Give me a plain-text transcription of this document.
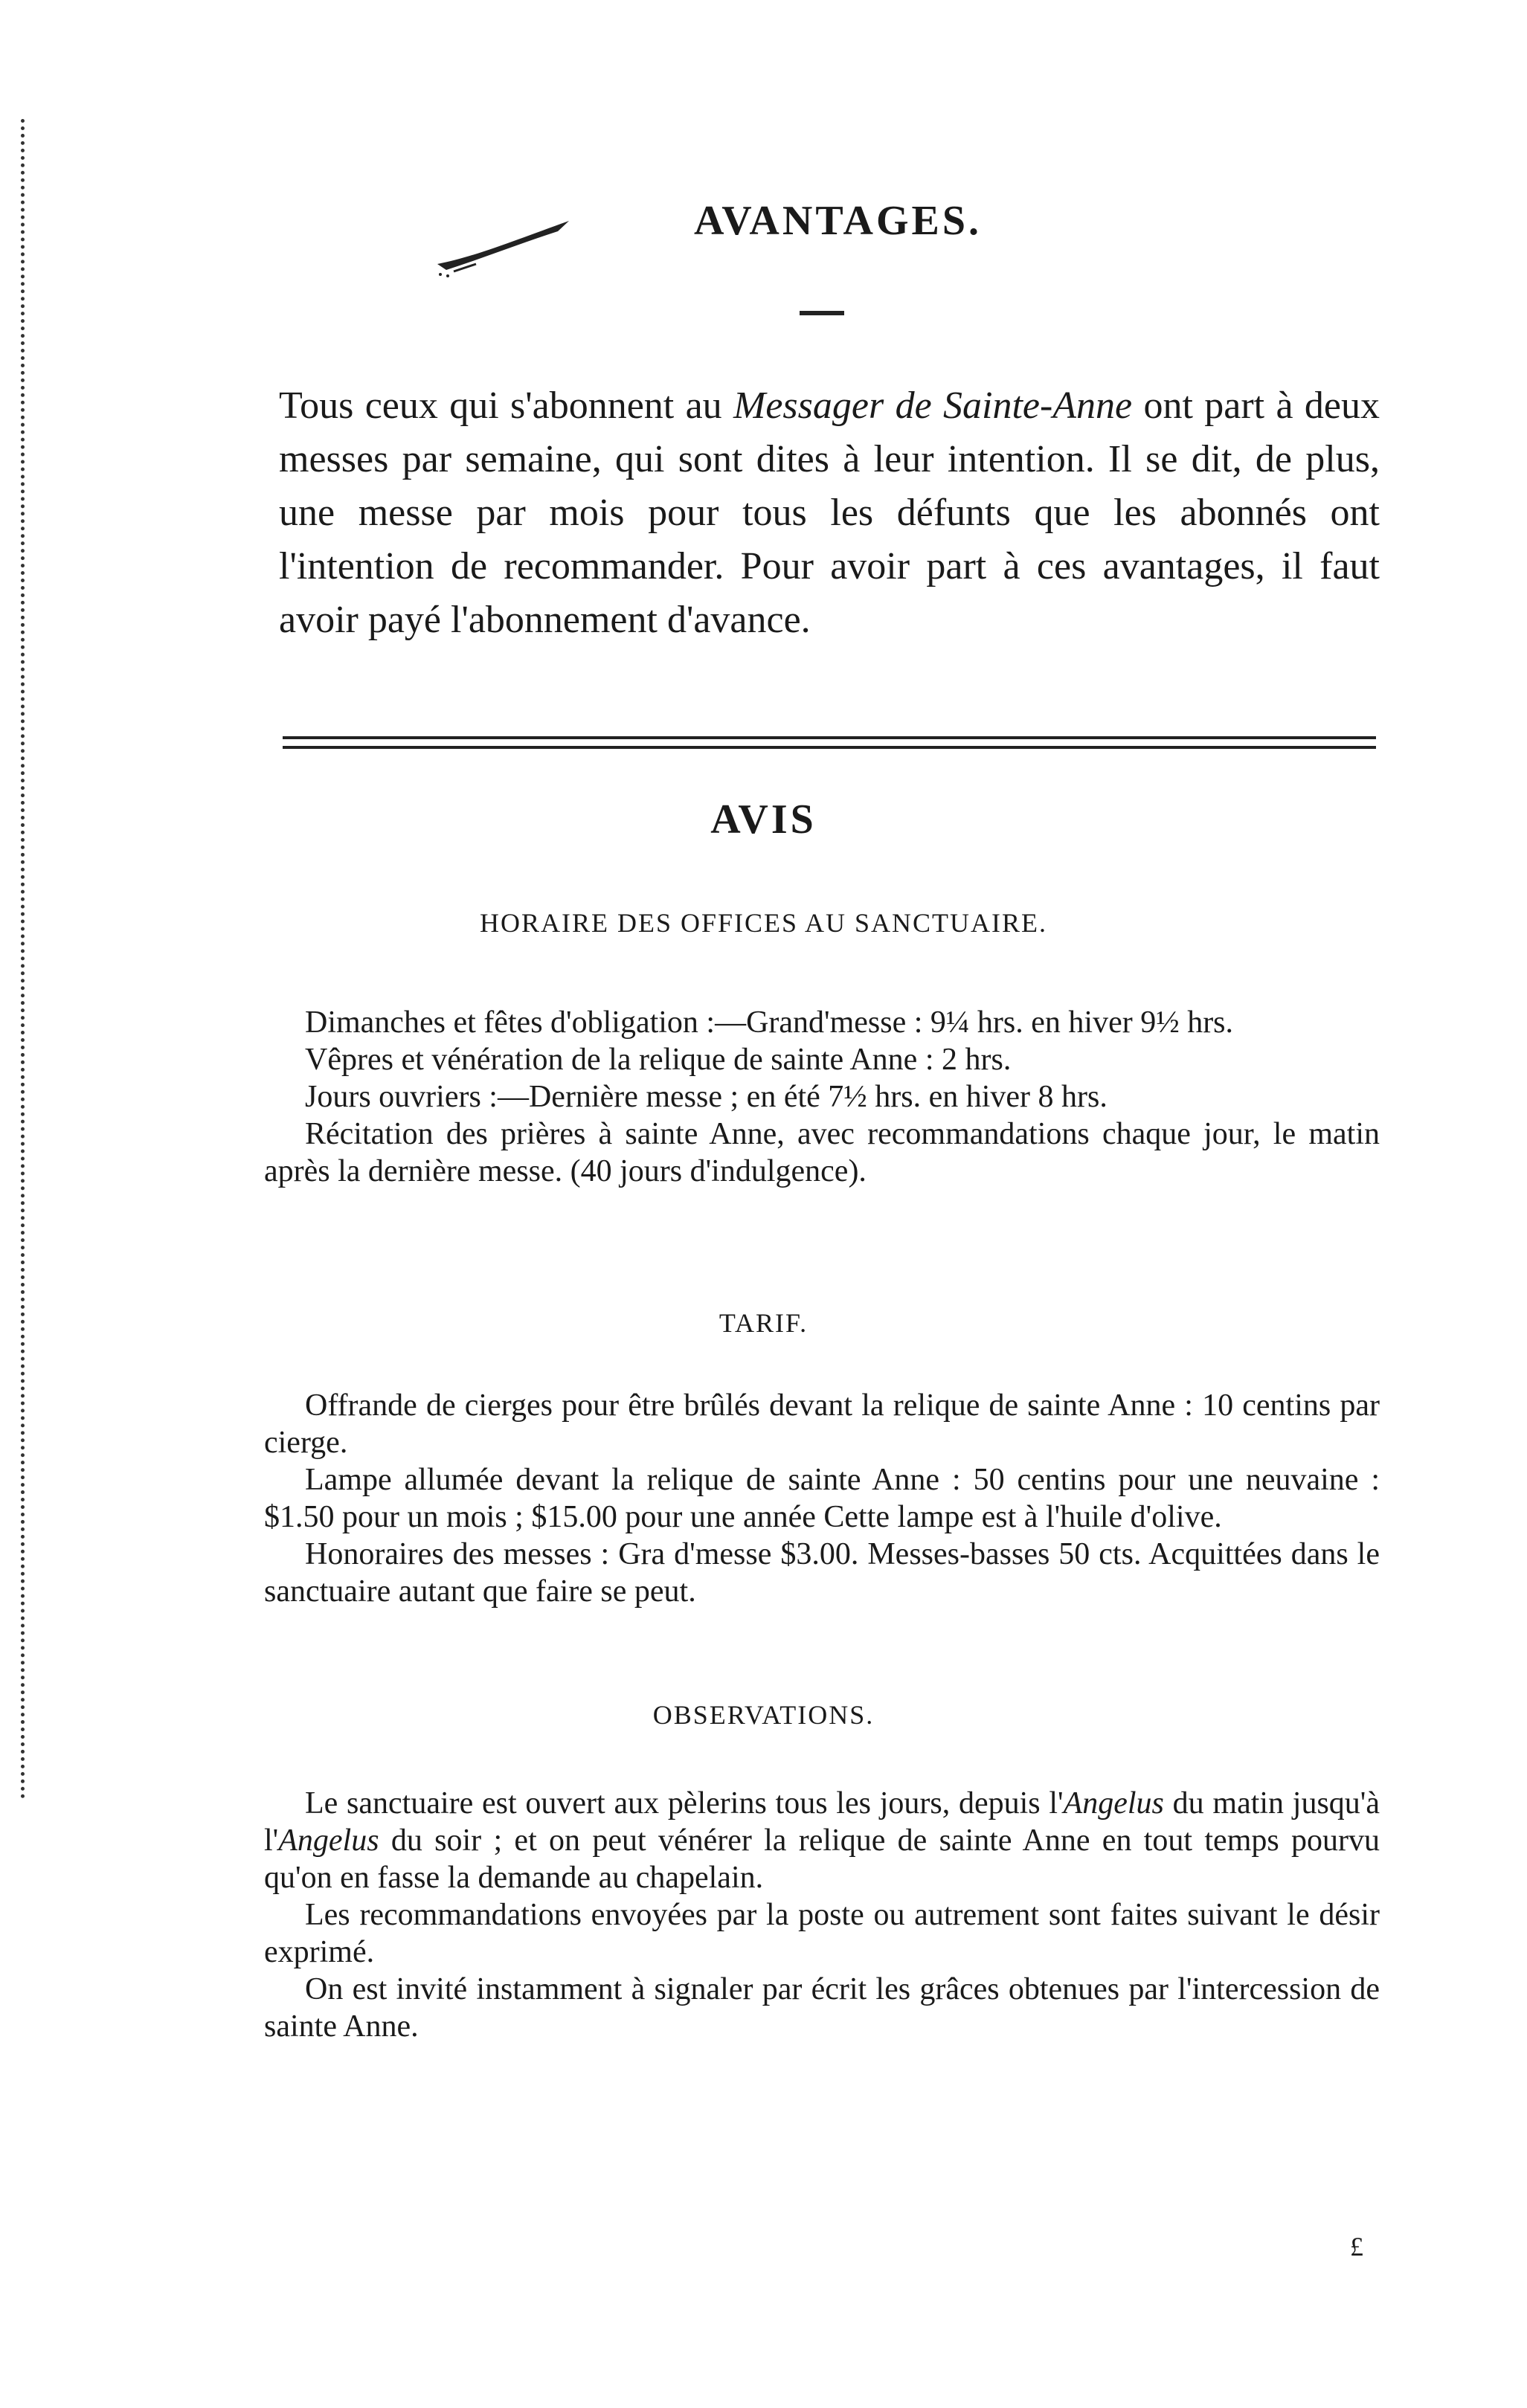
AVANTAGES.
Tous ceux qui s'abonnent au Messager de Sainte-Anne ont part à deux messes par semaine, qui sont dites à leur intention. Il se dit, de plus, une messe par mois pour tous les défunts que les abonnés ont l'intention de recommander. Pour avoir part à ces avantages, il faut avoir payé l'abonnement d'avance.
AVIS
HORAIRE DES OFFICES AU SANCTUAIRE.

Dimanches et fêtes d'obligation :—Grand'messe : 9¼ hrs. en hiver 9½ hrs.

Vêpres et vénération de la relique de sainte Anne : 2 hrs.

Jours ouvriers :—Dernière messe ; en été 7½ hrs. en hiver 8 hrs.

Récitation des prières à sainte Anne, avec recommandations chaque jour, le matin après la dernière messe. (40 jours d'indulgence).

TARIF.

Offrande de cierges pour être brûlés devant la relique de sainte Anne : 10 centins par cierge.

Lampe allumée devant la relique de sainte Anne : 50 centins pour une neuvaine : $1.50 pour un mois ; $15.00 pour une année Cette lampe est à l'huile d'olive.

Honoraires des messes : Gra d'messe $3.00. Messes-basses 50 cts. Acquittées dans le sanctuaire autant que faire se peut.

OBSERVATIONS.

Le sanctuaire est ouvert aux pèlerins tous les jours, depuis l'Angelus du matin jusqu'à l'Angelus du soir ; et on peut vénérer la relique de sainte Anne en tout temps pourvu qu'on en fasse la demande au chapelain.

Les recommandations envoyées par la poste ou autrement sont faites suivant le désir exprimé.

On est invité instamment à signaler par écrit les grâces obtenues par l'intercession de sainte Anne.

£
